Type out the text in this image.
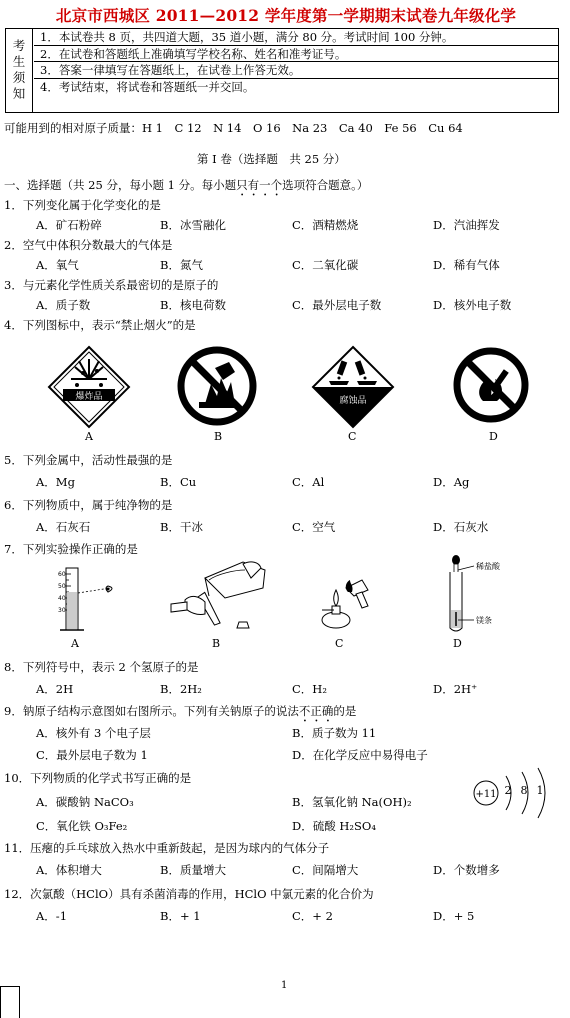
北京市西城区 2011—2012 学年度第一学期期末试卷九年级化学
考
生
须
知
1．本试卷共 8 页，共四道大题，35 道小题，满分 80 分。考试时间 100 分钟。
2．在试卷和答题纸上准确填写学校名称、姓名和准考证号。
3．答案一律填写在答题纸上，在试卷上作答无效。
4．考试结束，将试卷和答题纸一并交回。
可能用到的相对原子质量：H 1　C 12　N 14　O 16　Na 23　Ca 40　Fe 56　Cu 64
第 I 卷（选择题　共 25 分）
一、选择题（共 25 分，每小题 1 分。每小题只有一个选项符合题意。）
1．下列变化属于化学变化的是
A．矿石粉碎	B．冰雪融化	C．酒精燃烧	D．汽油挥发
2．空气中体积分数最大的气体是
A．氧气	B．氮气	C．二氧化碳	D．稀有气体
3．与元素化学性质关系最密切的是原子的
A．质子数	B．核电荷数	C．最外层电子数	D．核外电子数
4．下列图标中，表示“禁止烟火”的是
爆炸品
A	B
腐蚀品
C	D
5．下列金属中，活动性最强的是
A．Mg	B．Cu	C．Al	D．Ag
6．下列物质中，属于纯净物的是
A．石灰石	B．干冰	C．空气	D．石灰水
7．下列实验操作正确的是
60
50
40
30
A	B	C
稀盐酸
镁条
D
8．下列符号中，表示 2 个氢原子的是
A．2H	B．2H₂	C．H₂	D．2H⁺
9．钠原子结构示意图如右图所示。下列有关钠原子的说法不正确的是
A．核外有 3 个电子层	B．质子数为 11
C．最外层电子数为 1	D．在化学反应中易得电子
+11 2 8 1
10．下列物质的化学式书写正确的是
A．碳酸钠 NaCO₃	B．氢氧化钠 Na(OH)₂
C．氧化铁 O₃Fe₂	D．硫酸 H₂SO₄
11．压瘪的乒乓球放入热水中重新鼓起，是因为球内的气体分子
A．体积增大	B．质量增大	C．间隔增大	D．个数增多
12．次氯酸（HClO）具有杀菌消毒的作用，HClO 中氯元素的化合价为
A．-1	B．+ 1	C．+ 2	D．+ 5
1
